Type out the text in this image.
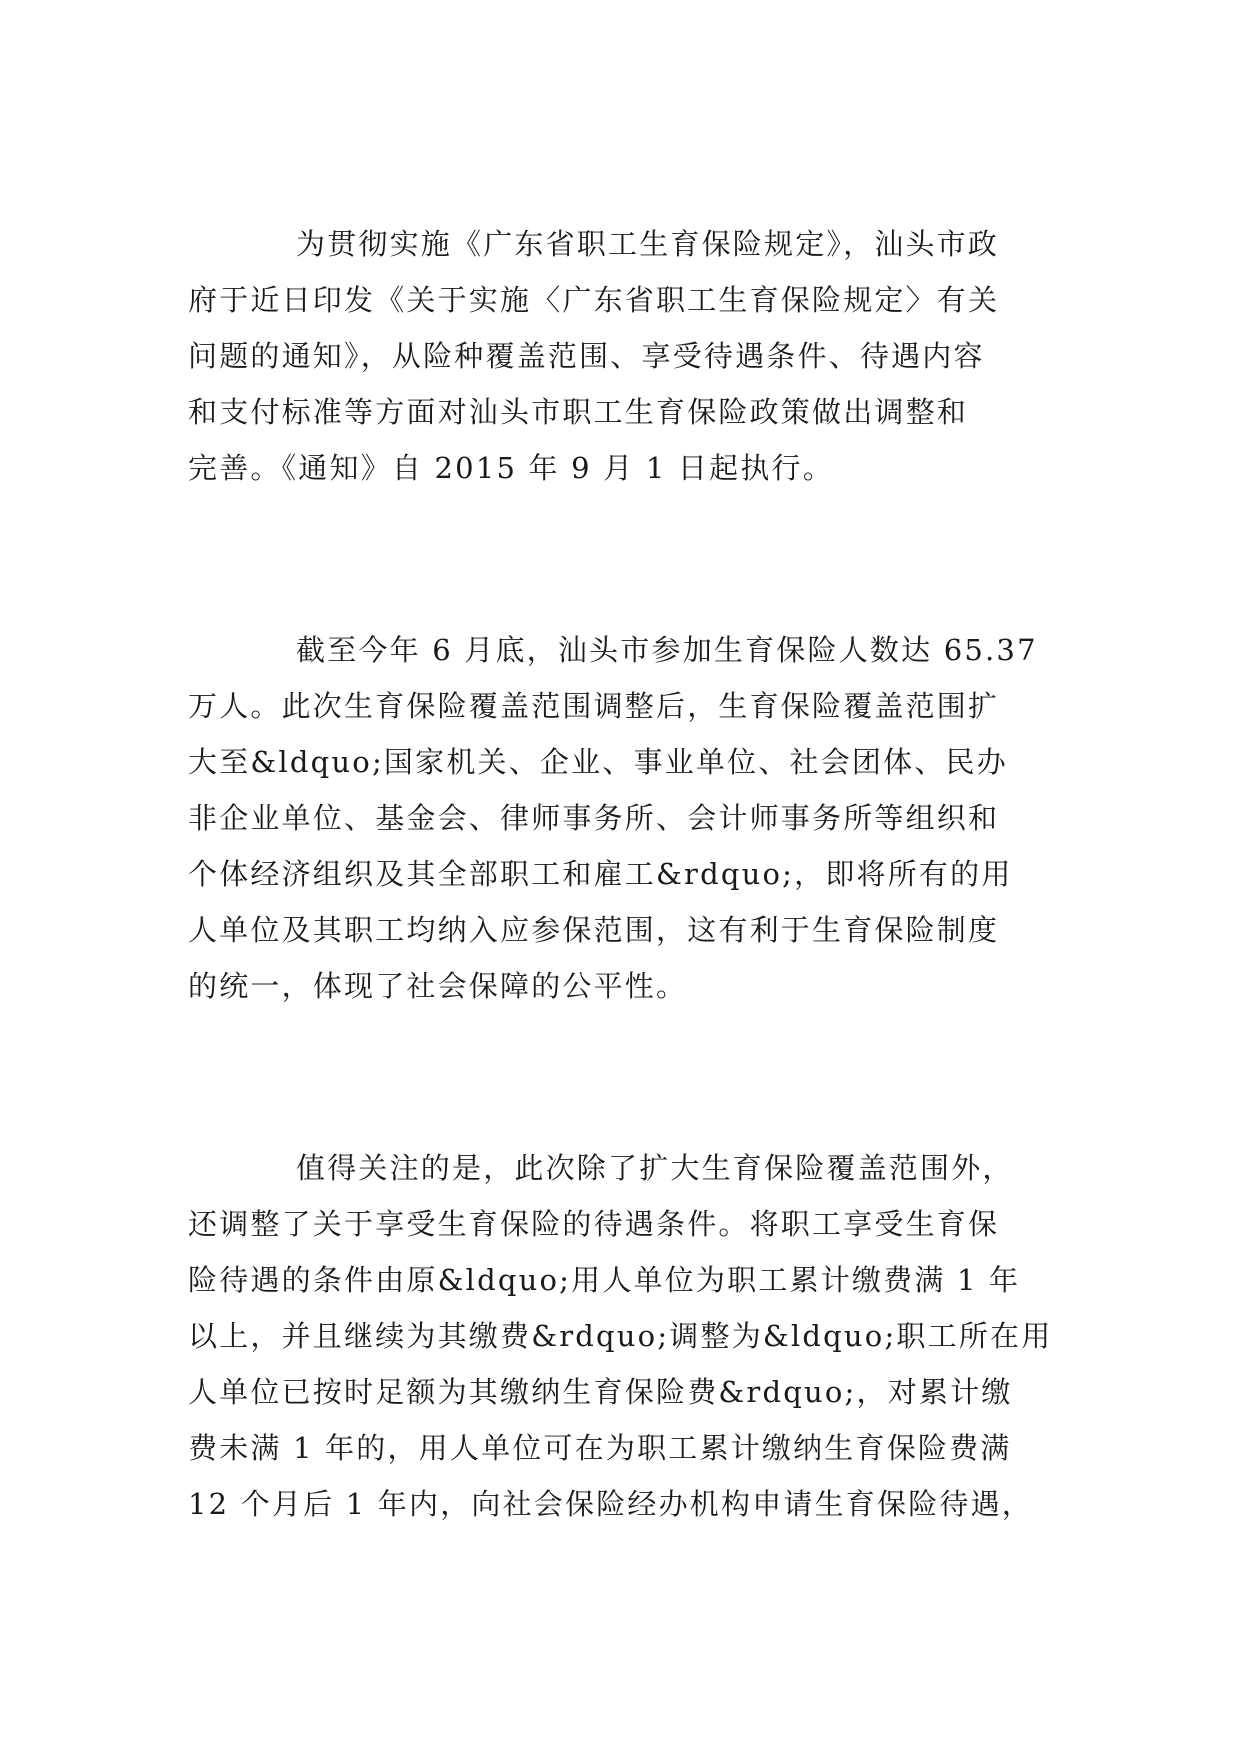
为贯彻实施《广东省职工生育保险规定》，汕头市政
府于近日印发《关于实施〈广东省职工生育保险规定〉有关
问题的通知》，从险种覆盖范围、享受待遇条件、待遇内容
和支付标准等方面对汕头市职工生育保险政策做出调整和
完善。《通知》自 2015 年 9 月 1 日起执行。
截至今年 6 月底，汕头市参加生育保险人数达 65.37
万人。此次生育保险覆盖范围调整后，生育保险覆盖范围扩
大至&ldquo;国家机关、企业、事业单位、社会团体、民办
非企业单位、基金会、律师事务所、会计师事务所等组织和
个体经济组织及其全部职工和雇工&rdquo;，即将所有的用
人单位及其职工均纳入应参保范围，这有利于生育保险制度
的统一，体现了社会保障的公平性。
值得关注的是，此次除了扩大生育保险覆盖范围外，
还调整了关于享受生育保险的待遇条件。将职工享受生育保
险待遇的条件由原&ldquo;用人单位为职工累计缴费满 1 年
以上，并且继续为其缴费&rdquo;调整为&ldquo;职工所在用
人单位已按时足额为其缴纳生育保险费&rdquo;，对累计缴
费未满 1 年的，用人单位可在为职工累计缴纳生育保险费满
12 个月后 1 年内，向社会保险经办机构申请生育保险待遇，
